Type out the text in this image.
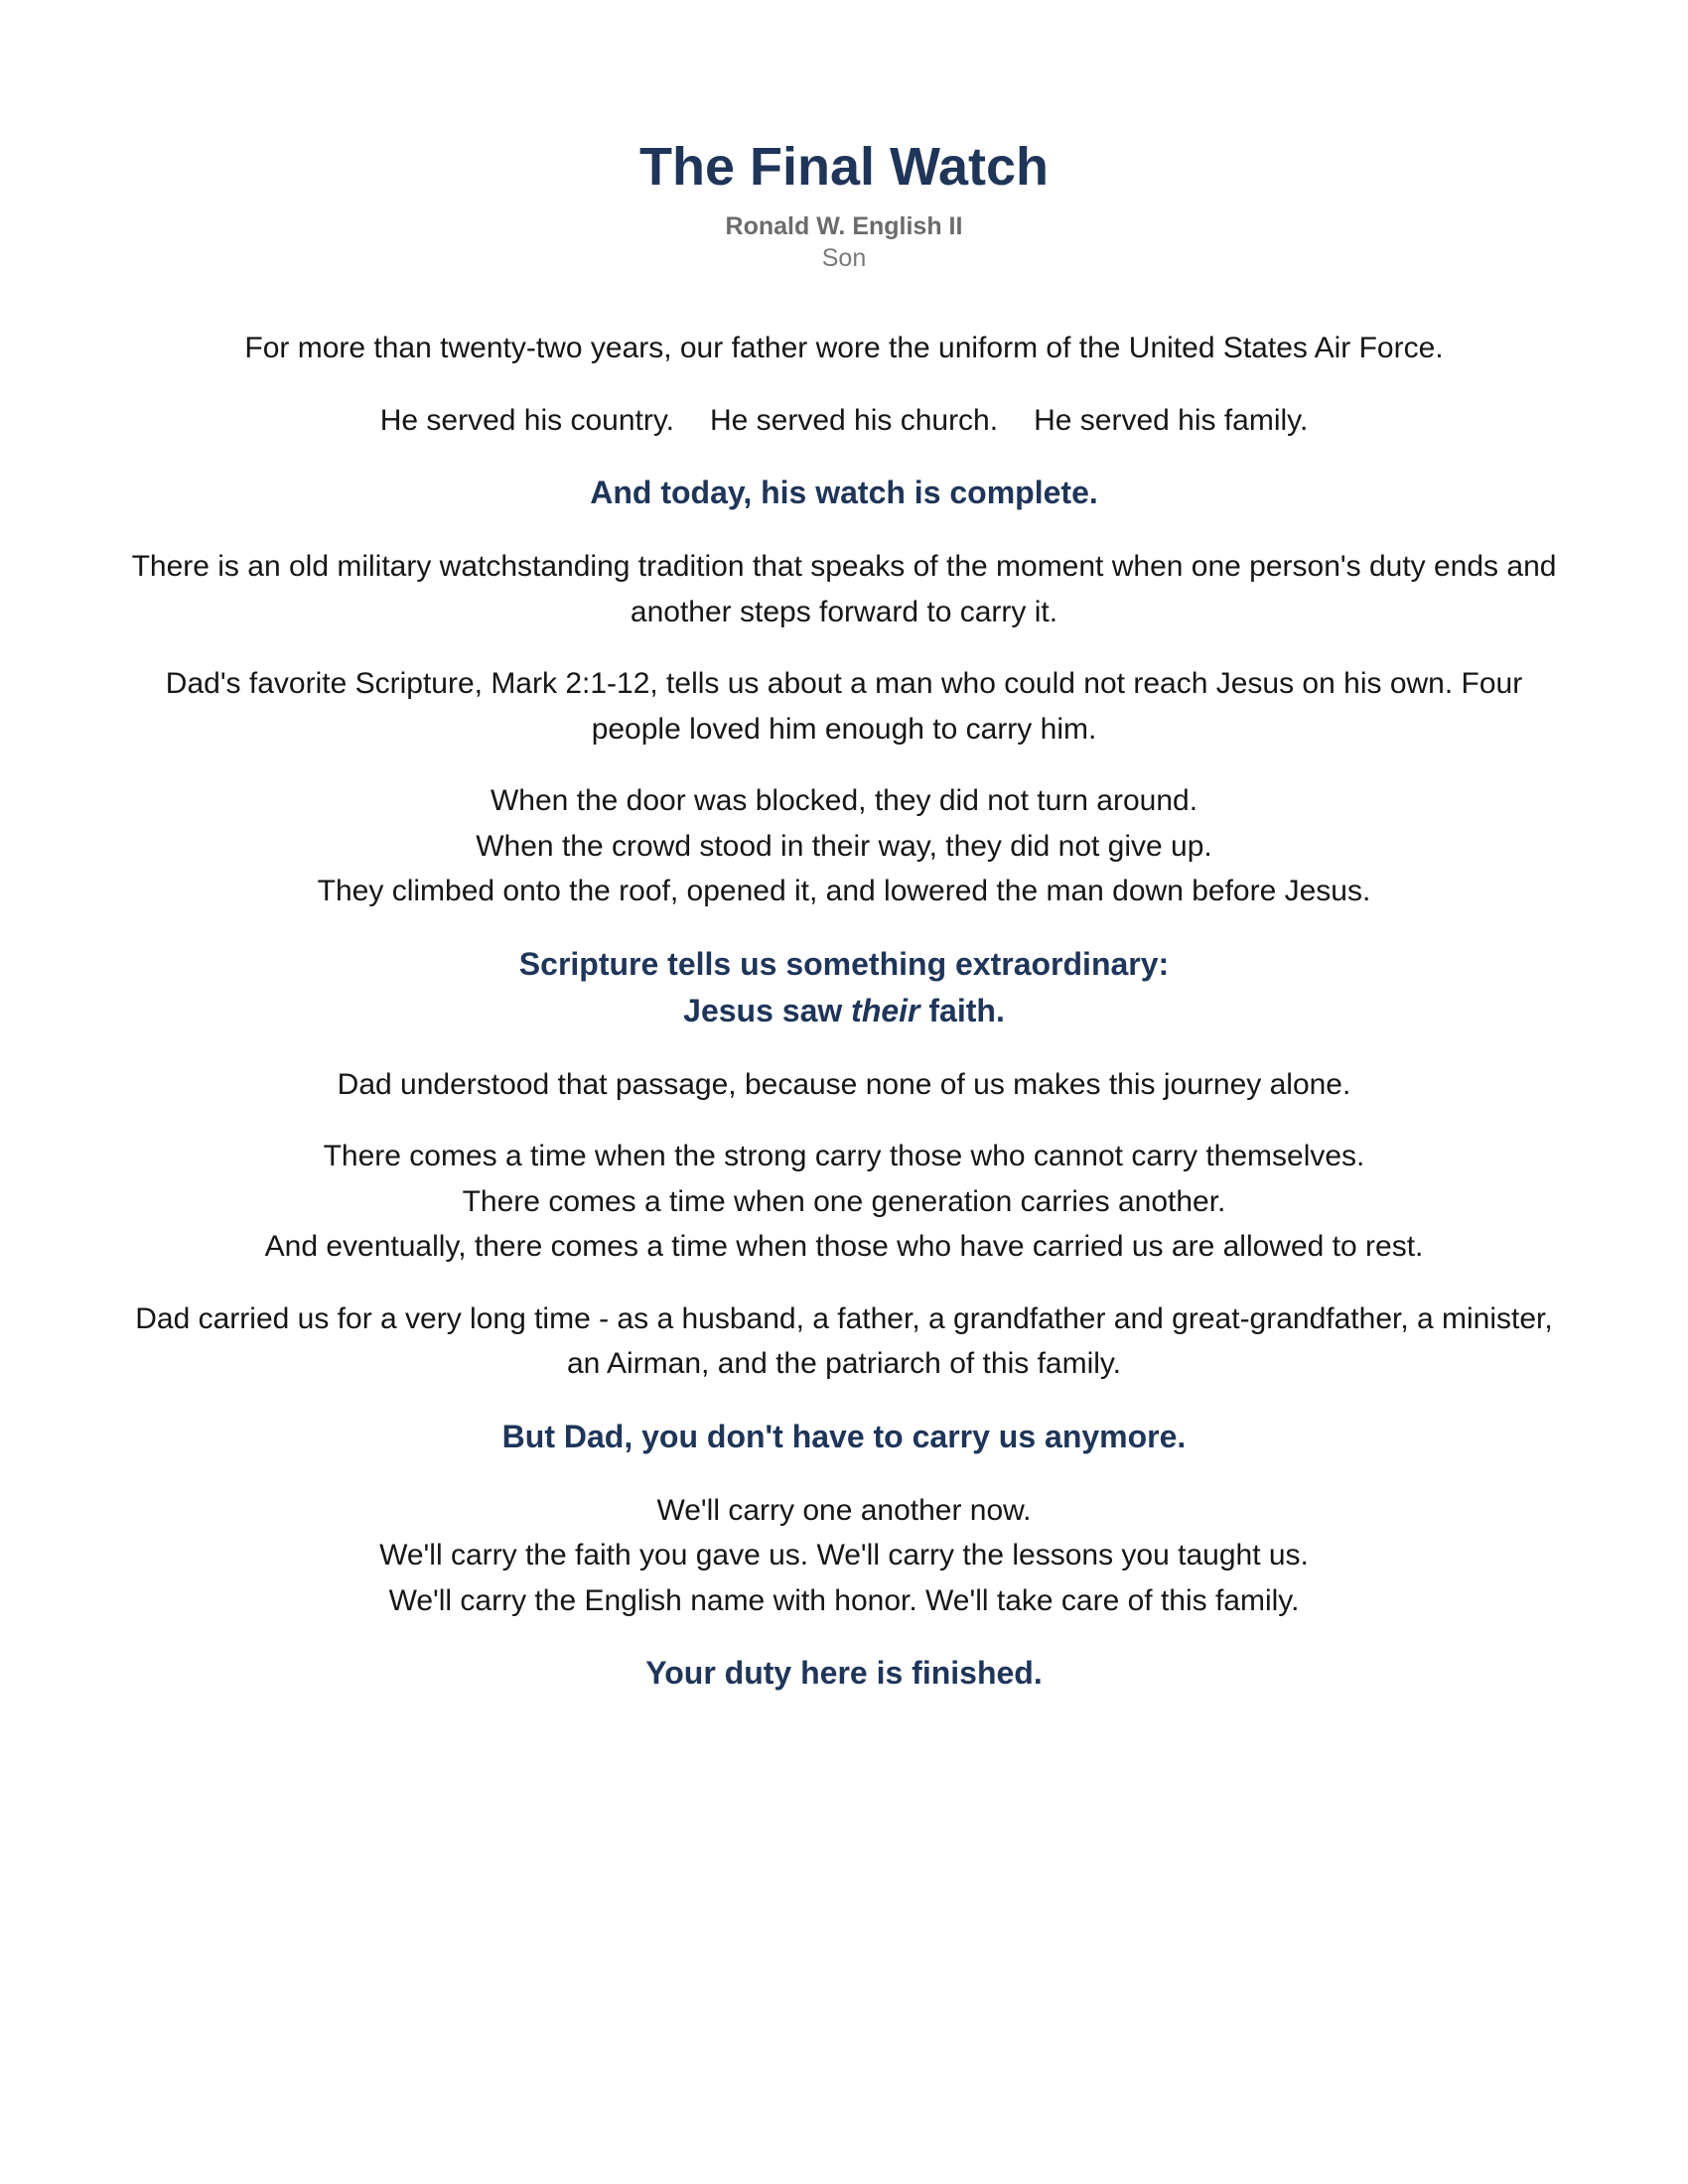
The Final Watch
Ronald W. English II
Son

For more than twenty-two years, our father wore the uniform of the United States Air Force.

He served his country. He served his church. He served his family.

And today, his watch is complete.

There is an old military watchstanding tradition that speaks of the moment when one person's duty ends and another steps forward to carry it.

Dad's favorite Scripture, Mark 2:1-12, tells us about a man who could not reach Jesus on his own. Four people loved him enough to carry him.

When the door was blocked, they did not turn around.
When the crowd stood in their way, they did not give up.
They climbed onto the roof, opened it, and lowered the man down before Jesus.

Scripture tells us something extraordinary:
Jesus saw their faith.

Dad understood that passage, because none of us makes this journey alone.

There comes a time when the strong carry those who cannot carry themselves.
There comes a time when one generation carries another.
And eventually, there comes a time when those who have carried us are allowed to rest.

Dad carried us for a very long time - as a husband, a father, a grandfather and great-grandfather, a minister, an Airman, and the patriarch of this family.

But Dad, you don't have to carry us anymore.

We'll carry one another now.
We'll carry the faith you gave us. We'll carry the lessons you taught us.
We'll carry the English name with honor. We'll take care of this family.

Your duty here is finished.
